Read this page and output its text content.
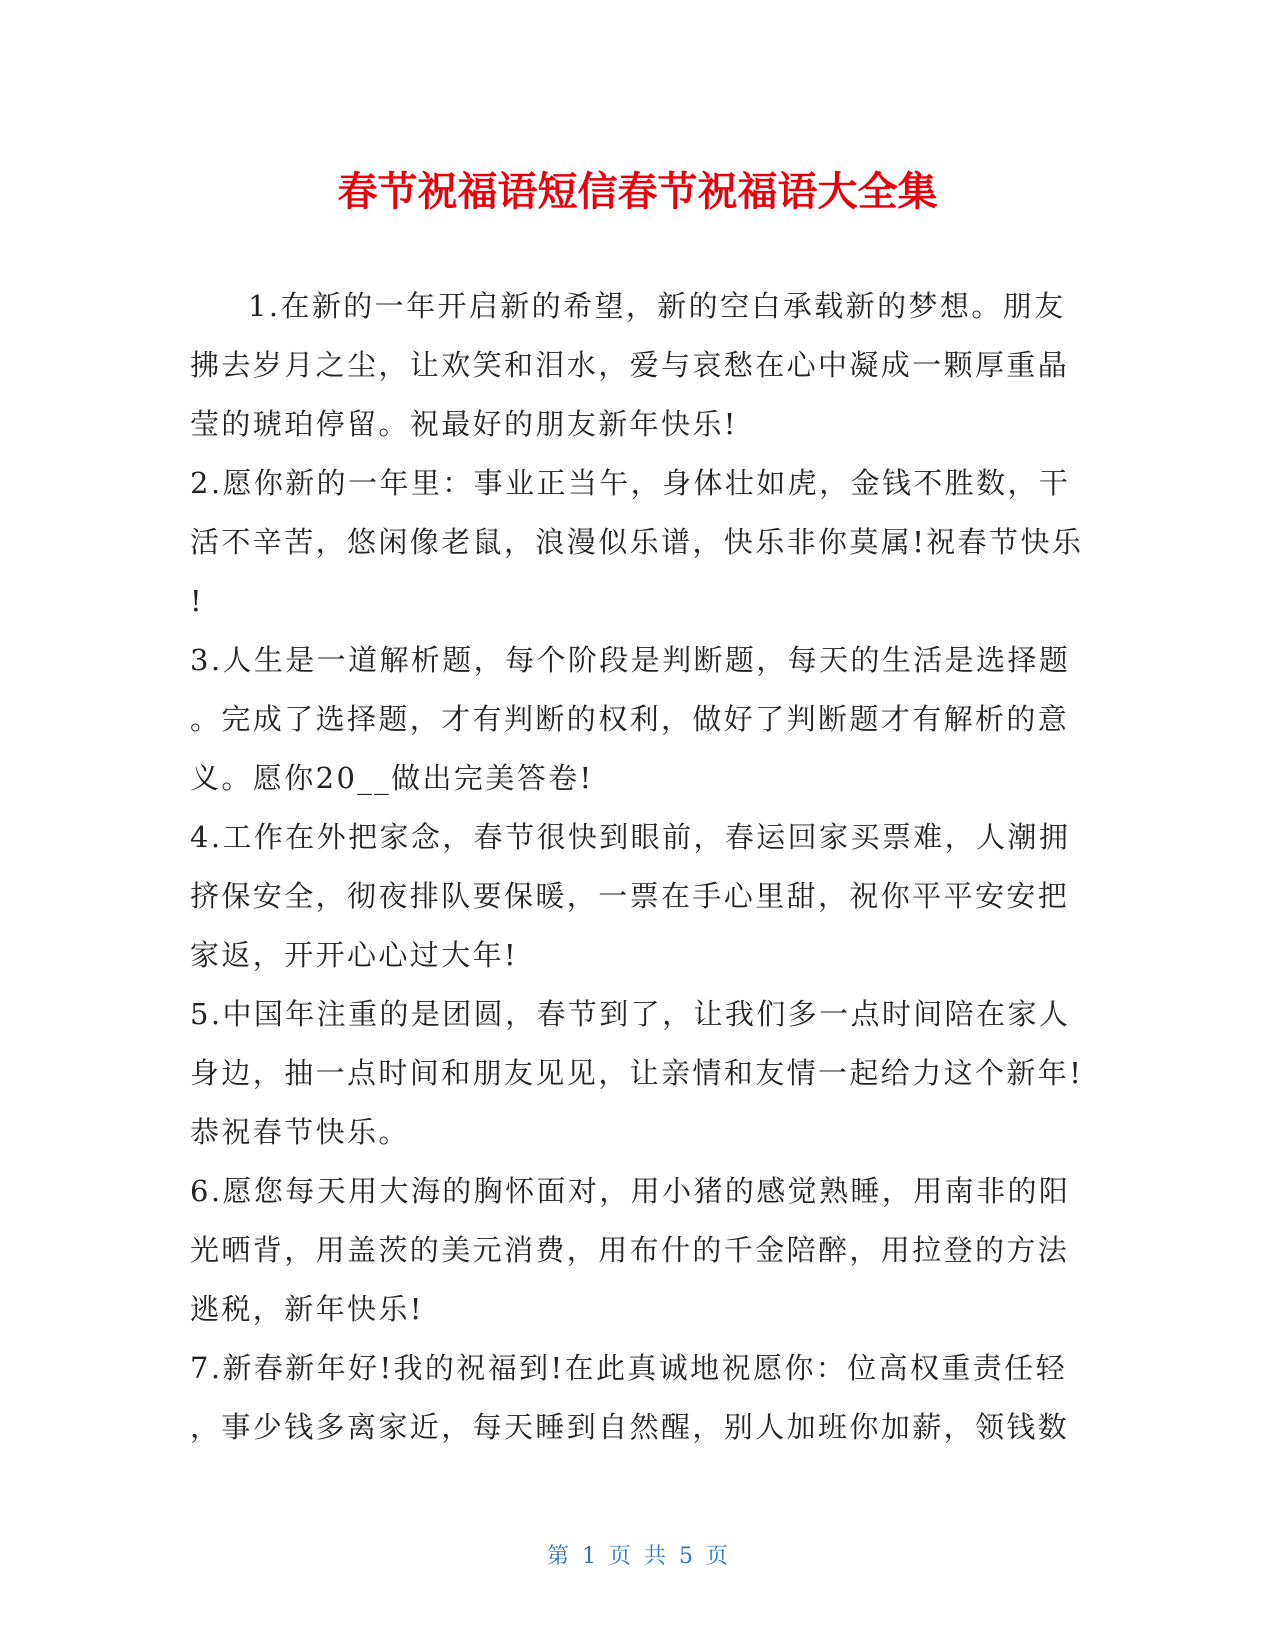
春节祝福语短信春节祝福语大全集
1.在新的一年开启新的希望，新的空白承载新的梦想。朋友
拂去岁月之尘，让欢笑和泪水，爱与哀愁在心中凝成一颗厚重晶
莹的琥珀停留。祝最好的朋友新年快乐!
2.愿你新的一年里：事业正当午，身体壮如虎，金钱不胜数，干
活不辛苦，悠闲像老鼠，浪漫似乐谱，快乐非你莫属!祝春节快乐
!
3.人生是一道解析题，每个阶段是判断题，每天的生活是选择题
。完成了选择题，才有判断的权利，做好了判断题才有解析的意
义。愿你20__做出完美答卷!
4.工作在外把家念，春节很快到眼前，春运回家买票难，人潮拥
挤保安全，彻夜排队要保暖，一票在手心里甜，祝你平平安安把
家返，开开心心过大年!
5.中国年注重的是团圆，春节到了，让我们多一点时间陪在家人
身边，抽一点时间和朋友见见，让亲情和友情一起给力这个新年!
恭祝春节快乐。
6.愿您每天用大海的胸怀面对，用小猪的感觉熟睡，用南非的阳
光晒背，用盖茨的美元消费，用布什的千金陪醉，用拉登的方法
逃税，新年快乐!
7.新春新年好!我的祝福到!在此真诚地祝愿你：位高权重责任轻
，事少钱多离家近，每天睡到自然醒，别人加班你加薪，领钱数
第 1 页 共 5 页
